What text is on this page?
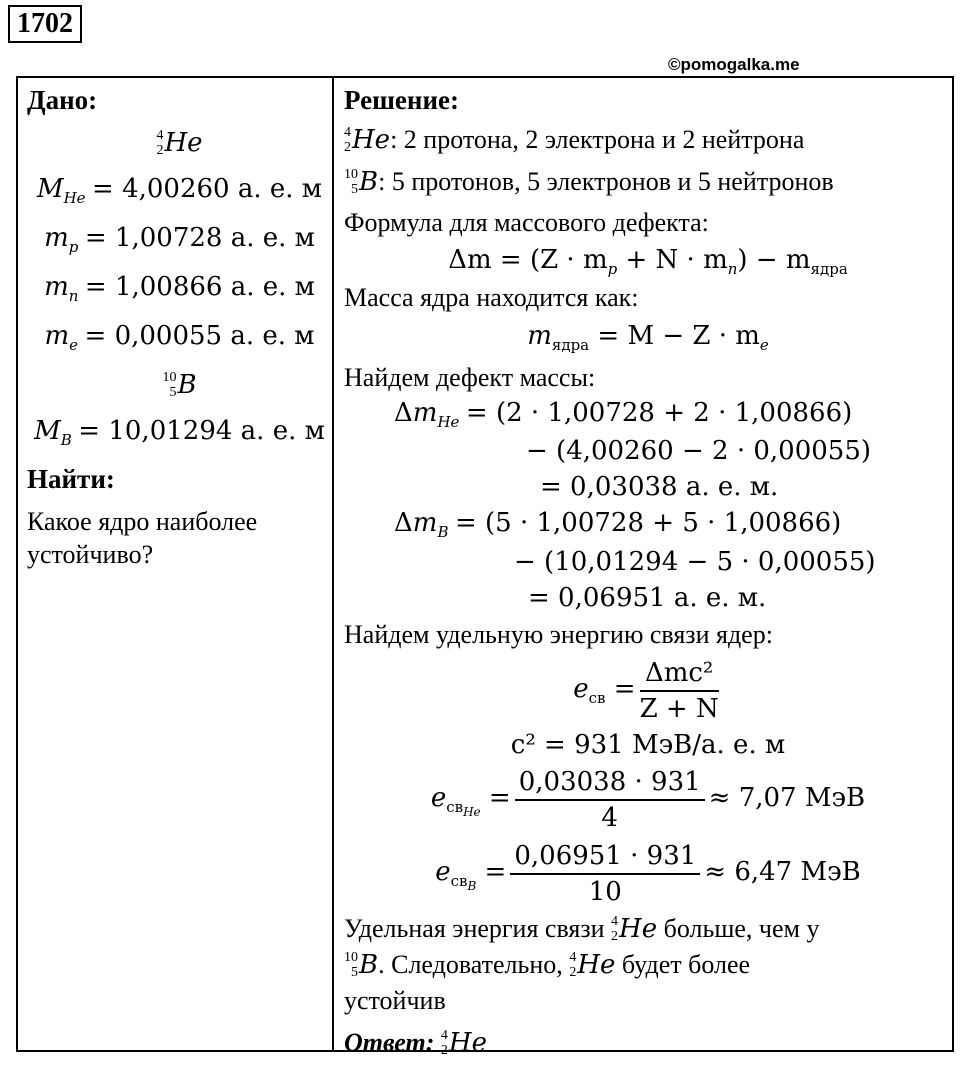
1702
©pomogalka.me
Дано:
4
2 He
$M_{He} = 4,00260$ а. е. м
$m_p = 1,00728$ а. е. м
$m_n = 1,00866$ а. е. м
$m_e = 0,00055$ а. е. м
10
5 B
$M_B = 10,01294$ а. е. м
Найти:
Какое ядро наиболее устойчиво?
Решение:
4
2 He: 2 протона, 2 электрона и 2 нейтрона
10
5 B: 5 протонов, 5 электронов и 5 нейтронов
Формула для массового дефекта:
$\Delta m = (Z \cdot m_p + N \cdot m_n) - m_{ядра}$
Масса ядра находится как:
$m_{ядра} = M - Z \cdot m_e$
Найдем дефект массы:
$\Delta m_{He} = (2 \cdot 1,00728 + 2 \cdot 1,00866)$
− (4,00260 − 2 · 0,00055)
= 0,03038 а. е. м.
$\Delta m_B = (5 \cdot 1,00728 + 5 \cdot 1,00866)$
− (10,01294 − 5 · 0,00055)
= 0,06951 а. е. м.
Найдем удельную энергию связи ядер:
$e_{св} = \frac{\text{Δmc²}}{Z + N}$
c² = 931 МэВ/а. е. м
$e_{свHe} = \frac{0,03038 \cdot 931}{4} \approx 7,07$ МэВ
$e_{свB} = \frac{0,06951 \cdot 931}{10} \approx 6,47$ МэВ
Удельная энергия связи 4
2 He больше, чем у
10
5 B. Следовательно, 4
2 He будет более
устойчив
Ответ: 4
2 He
